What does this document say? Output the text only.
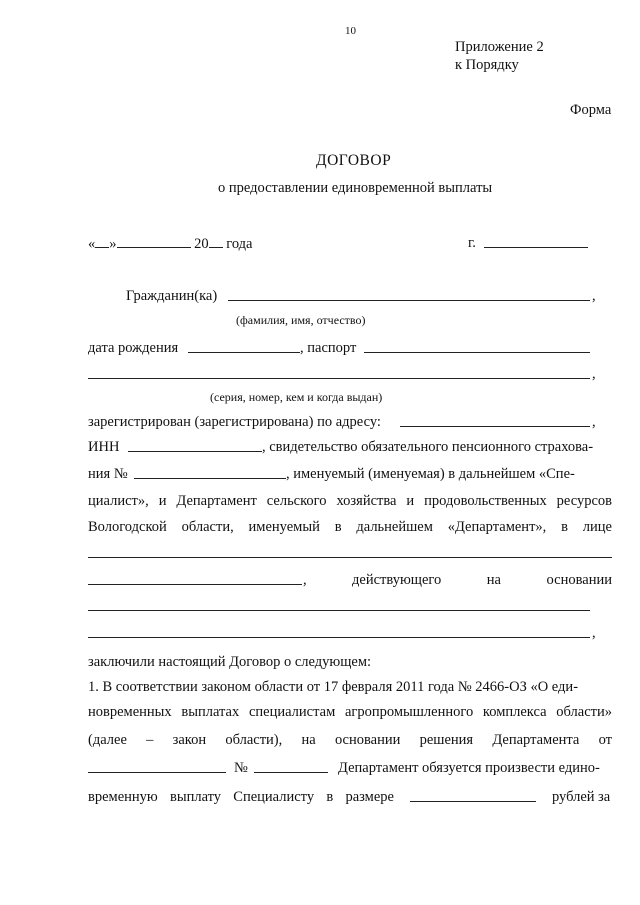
10
Приложение 2
к Порядку
Форма
ДОГОВОР
о предоставлении единовременной выплаты
« »	20 года	г.
Гражданин(ка)	,
(фамилия, имя, отчество)
дата рождения	, паспорт
,
(серия, номер, кем и когда выдан)
зарегистрирован (зарегистрирована) по адресу:	,
ИНН	, свидетельство обязательного пенсионного страхова-
ния №	, именуемый (именуемая) в дальнейшем «Спе-
циалист», и Департамент сельского хозяйства и продовольственных ресурсов
Вологодской области, именуемый в дальнейшем «Департамент», в лице
,	действующего	на	основании
,
заключили настоящий Договор о следующем:
1. В соответствии законом области от 17 февраля 2011 года № 2466-ОЗ «О еди-
новременных выплатах специалистам агропромышленного комплекса области»
(далее – закон области), на основании решения Департамента от
№	Департамент обязуется произвести едино-
временную выплату Специалисту в размере	рублей за
